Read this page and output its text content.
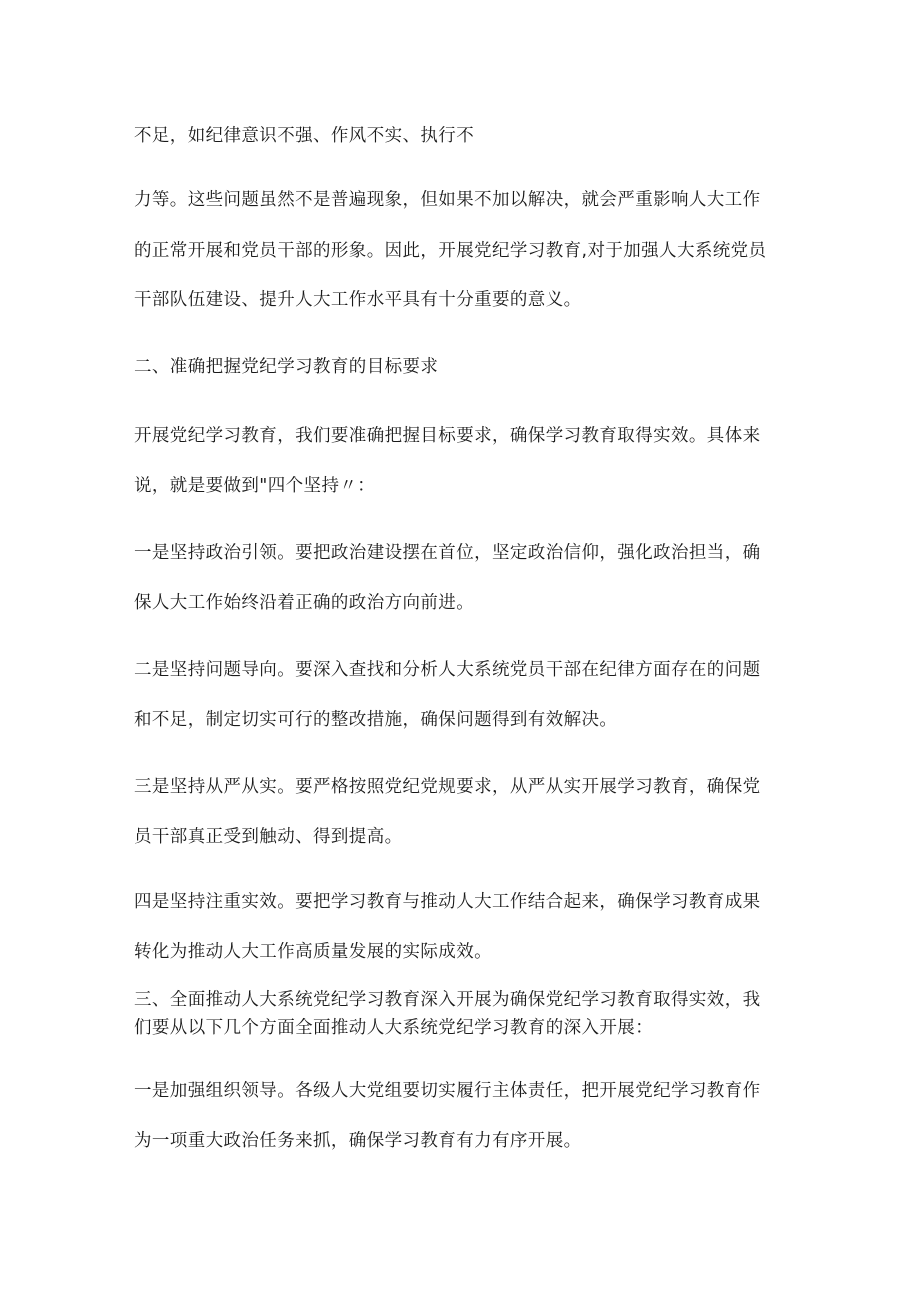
不足，如纪律意识不强、作风不实、执行不
力等。这些问题虽然不是普遍现象，但如果不加以解决，就会严重影响人大工作
的正常开展和党员干部的形象。因此，开展党纪学习教育,对于加强人大系统党员
干部队伍建设、提升人大工作水平具有十分重要的意义。
二、准确把握党纪学习教育的目标要求
开展党纪学习教育，我们要准确把握目标要求，确保学习教育取得实效。具体来
说，就是要做到"四个坚持〃：
一是坚持政治引领。要把政治建设摆在首位，坚定政治信仰，强化政治担当，确
保人大工作始终沿着正确的政治方向前进。
二是坚持问题导向。要深入查找和分析人大系统党员干部在纪律方面存在的问题
和不足，制定切实可行的整改措施，确保问题得到有效解决。
三是坚持从严从实。要严格按照党纪党规要求，从严从实开展学习教育，确保党
员干部真正受到触动、得到提高。
四是坚持注重实效。要把学习教育与推动人大工作结合起来，确保学习教育成果
转化为推动人大工作高质量发展的实际成效。
三、全面推动人大系统党纪学习教育深入开展为确保党纪学习教育取得实效，我
们要从以下几个方面全面推动人大系统党纪学习教育的深入开展：
一是加强组织领导。各级人大党组要切实履行主体责任，把开展党纪学习教育作
为一项重大政治任务来抓，确保学习教育有力有序开展。
